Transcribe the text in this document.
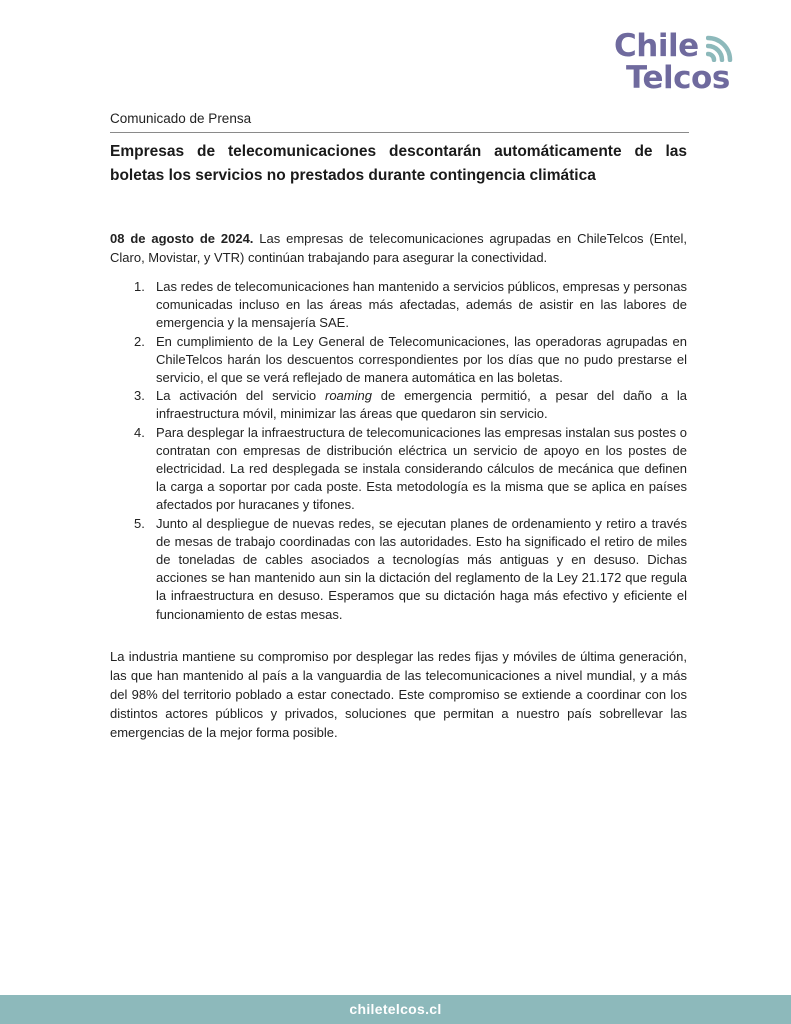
Chile
Telcos
Comunicado de Prensa
Empresas de telecomunicaciones descontarán automáticamente de las boletas los servicios no prestados durante contingencia climática

08 de agosto de 2024. Las empresas de telecomunicaciones agrupadas en ChileTelcos (Entel, Claro, Movistar, y VTR) continúan trabajando para asegurar la conectividad.

1. Las redes de telecomunicaciones han mantenido a servicios públicos, empresas y personas comunicadas incluso en las áreas más afectadas, además de asistir en las labores de emergencia y la mensajería SAE.
2. En cumplimiento de la Ley General de Telecomunicaciones, las operadoras agrupadas en ChileTelcos harán los descuentos correspondientes por los días que no pudo prestarse el servicio, el que se verá reflejado de manera automática en las boletas.
3. La activación del servicio roaming de emergencia permitió, a pesar del daño a la infraestructura móvil, minimizar las áreas que quedaron sin servicio.
4. Para desplegar la infraestructura de telecomunicaciones las empresas instalan sus postes o contratan con empresas de distribución eléctrica un servicio de apoyo en los postes de electricidad. La red desplegada se instala considerando cálculos de mecánica que definen la carga a soportar por cada poste. Esta metodología es la misma que se aplica en países afectados por huracanes y tifones.
5. Junto al despliegue de nuevas redes, se ejecutan planes de ordenamiento y retiro a través de mesas de trabajo coordinadas con las autoridades. Esto ha significado el retiro de miles de toneladas de cables asociados a tecnologías más antiguas y en desuso. Dichas acciones se han mantenido aun sin la dictación del reglamento de la Ley 21.172 que regula la infraestructura en desuso. Esperamos que su dictación haga más efectivo y eficiente el funcionamiento de estas mesas.

La industria mantiene su compromiso por desplegar las redes fijas y móviles de última generación, las que han mantenido al país a la vanguardia de las telecomunicaciones a nivel mundial, y a más del 98% del territorio poblado a estar conectado. Este compromiso se extiende a coordinar con los distintos actores públicos y privados, soluciones que permitan a nuestro país sobrellevar las emergencias de la mejor forma posible.

chiletelcos.cl
